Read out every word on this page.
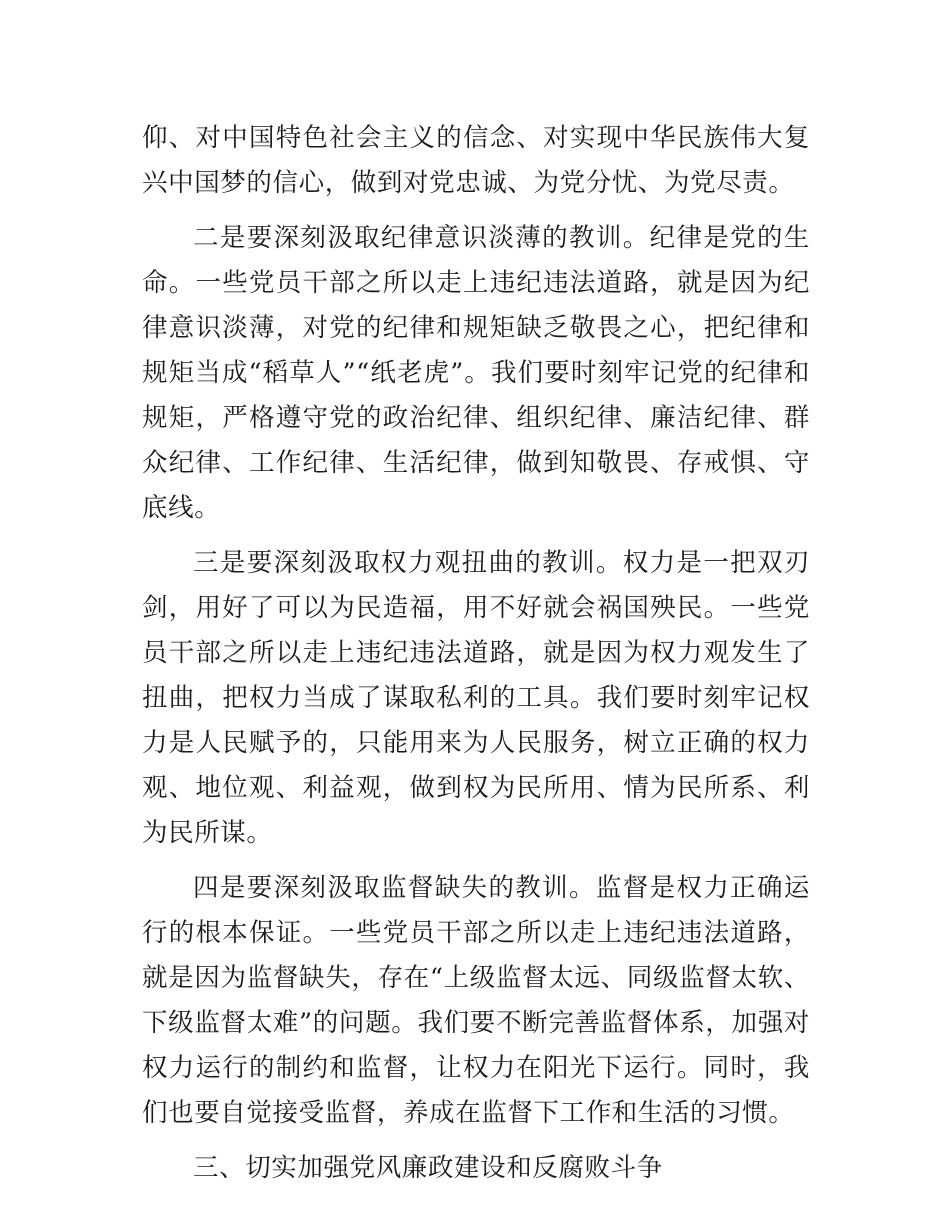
仰、对中国特色社会主义的信念、对实现中华民族伟大复兴中国梦的信心，做到对党忠诚、为党分忧、为党尽责。

二是要深刻汲取纪律意识淡薄的教训。纪律是党的生命。一些党员干部之所以走上违纪违法道路，就是因为纪律意识淡薄，对党的纪律和规矩缺乏敬畏之心，把纪律和规矩当成“稻草人”“纸老虎”。我们要时刻牢记党的纪律和规矩，严格遵守党的政治纪律、组织纪律、廉洁纪律、群众纪律、工作纪律、生活纪律，做到知敬畏、存戒惧、守底线。

三是要深刻汲取权力观扭曲的教训。权力是一把双刃剑，用好了可以为民造福，用不好就会祸国殃民。一些党员干部之所以走上违纪违法道路，就是因为权力观发生了扭曲，把权力当成了谋取私利的工具。我们要时刻牢记权力是人民赋予的，只能用来为人民服务，树立正确的权力观、地位观、利益观，做到权为民所用、情为民所系、利为民所谋。

四是要深刻汲取监督缺失的教训。监督是权力正确运行的根本保证。一些党员干部之所以走上违纪违法道路，就是因为监督缺失，存在“上级监督太远、同级监督太软、下级监督太难”的问题。我们要不断完善监督体系，加强对权力运行的制约和监督，让权力在阳光下运行。同时，我们也要自觉接受监督，养成在监督下工作和生活的习惯。

三、切实加强党风廉政建设和反腐败斗争
